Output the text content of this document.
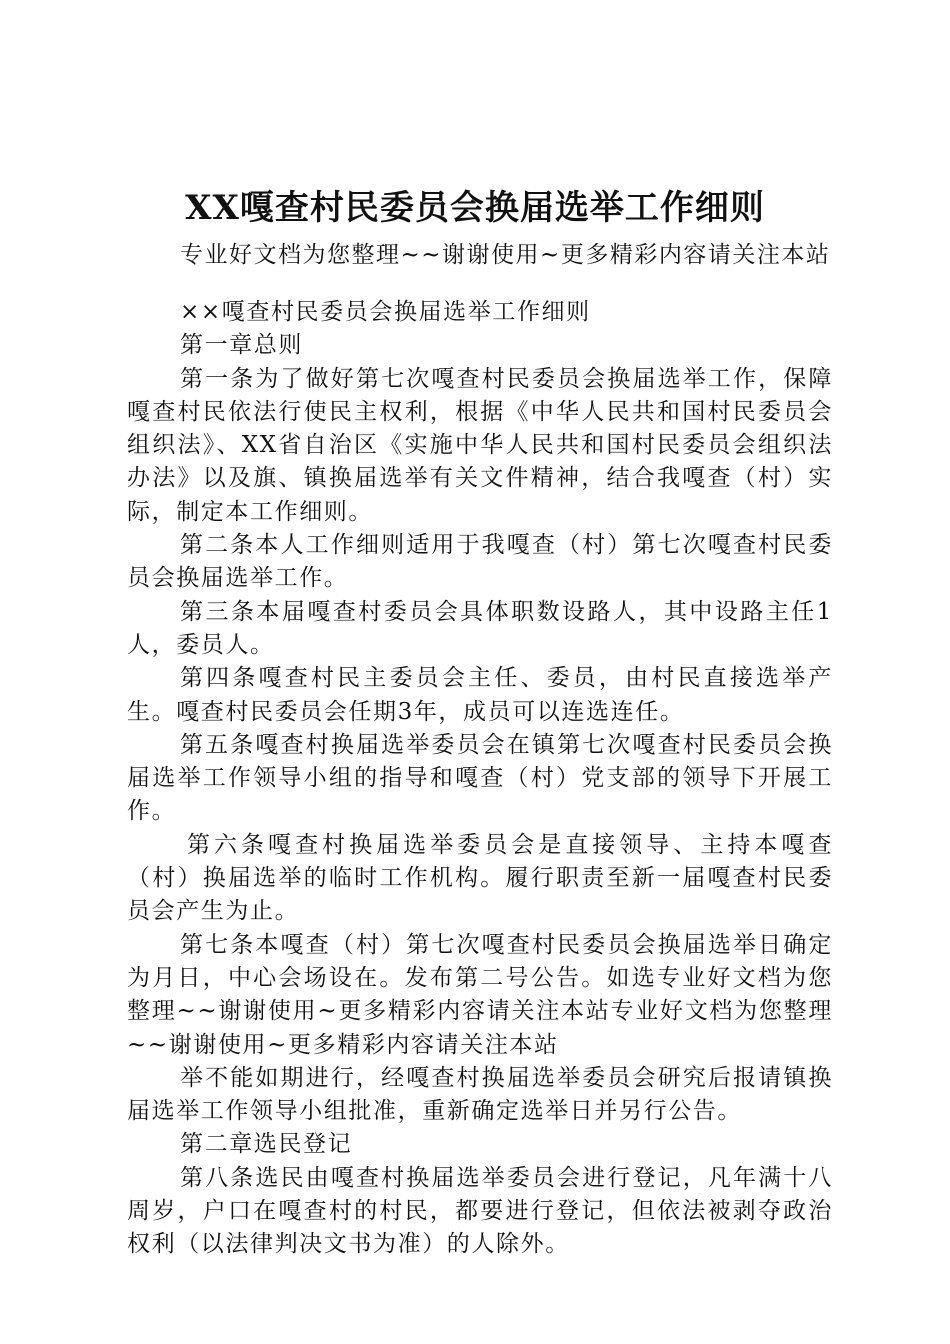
XX嘎查村民委员会换届选举工作细则
专业好文档为您整理~~谢谢使用~更多精彩内容请关注本站

××嘎查村民委员会换届选举工作细则

第一章总则

第一条为了做好第七次嘎查村民委员会换届选举工作，保障嘎查村民依法行使民主权利，根据《中华人民共和国村民委员会组织法》、XX省自治区《实施中华人民共和国村民委员会组织法办法》以及旗、镇换届选举有关文件精神，结合我嘎查（村）实际，制定本工作细则。

第二条本人工作细则适用于我嘎查（村）第七次嘎查村民委员会换届选举工作。

第三条本届嘎查村委员会具体职数设路人，其中设路主任1人，委员人。

第四条嘎查村民主委员会主任、委员，由村民直接选举产生。嘎查村民委员会任期3年，成员可以连选连任。

第五条嘎查村换届选举委员会在镇第七次嘎查村民委员会换届选举工作领导小组的指导和嘎查（村）党支部的领导下开展工作。

第六条嘎查村换届选举委员会是直接领导、主持本嘎查（村）换届选举的临时工作机构。履行职责至新一届嘎查村民委员会产生为止。

第七条本嘎查（村）第七次嘎查村民委员会换届选举日确定为月日，中心会场设在。发布第二号公告。如选专业好文档为您整理~~谢谢使用~更多精彩内容请关注本站专业好文档为您整理~~谢谢使用~更多精彩内容请关注本站

举不能如期进行，经嘎查村换届选举委员会研究后报请镇换届选举工作领导小组批准，重新确定选举日并另行公告。

第二章选民登记

第八条选民由嘎查村换届选举委员会进行登记，凡年满十八周岁，户口在嘎查村的村民，都要进行登记，但依法被剥夺政治权利（以法律判决文书为准）的人除外。
